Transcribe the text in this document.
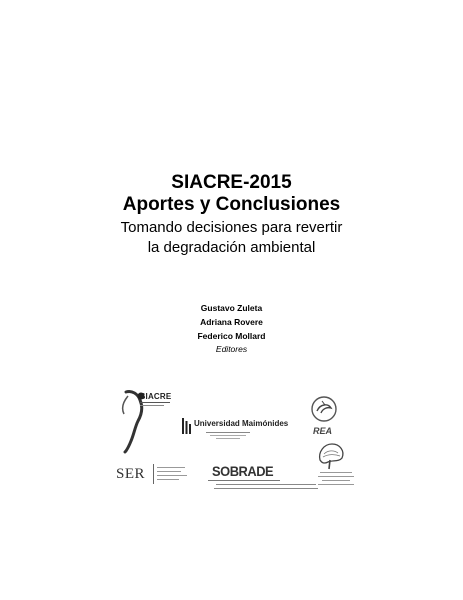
SIACRE-2015
Aportes y Conclusiones
Tomando decisiones para revertir
la degradación ambiental
Gustavo Zuleta
Adriana Rovere
Federico Mollard
Editores
SIACRE
Universidad Maimónides
REA
SER	SOBRADE
